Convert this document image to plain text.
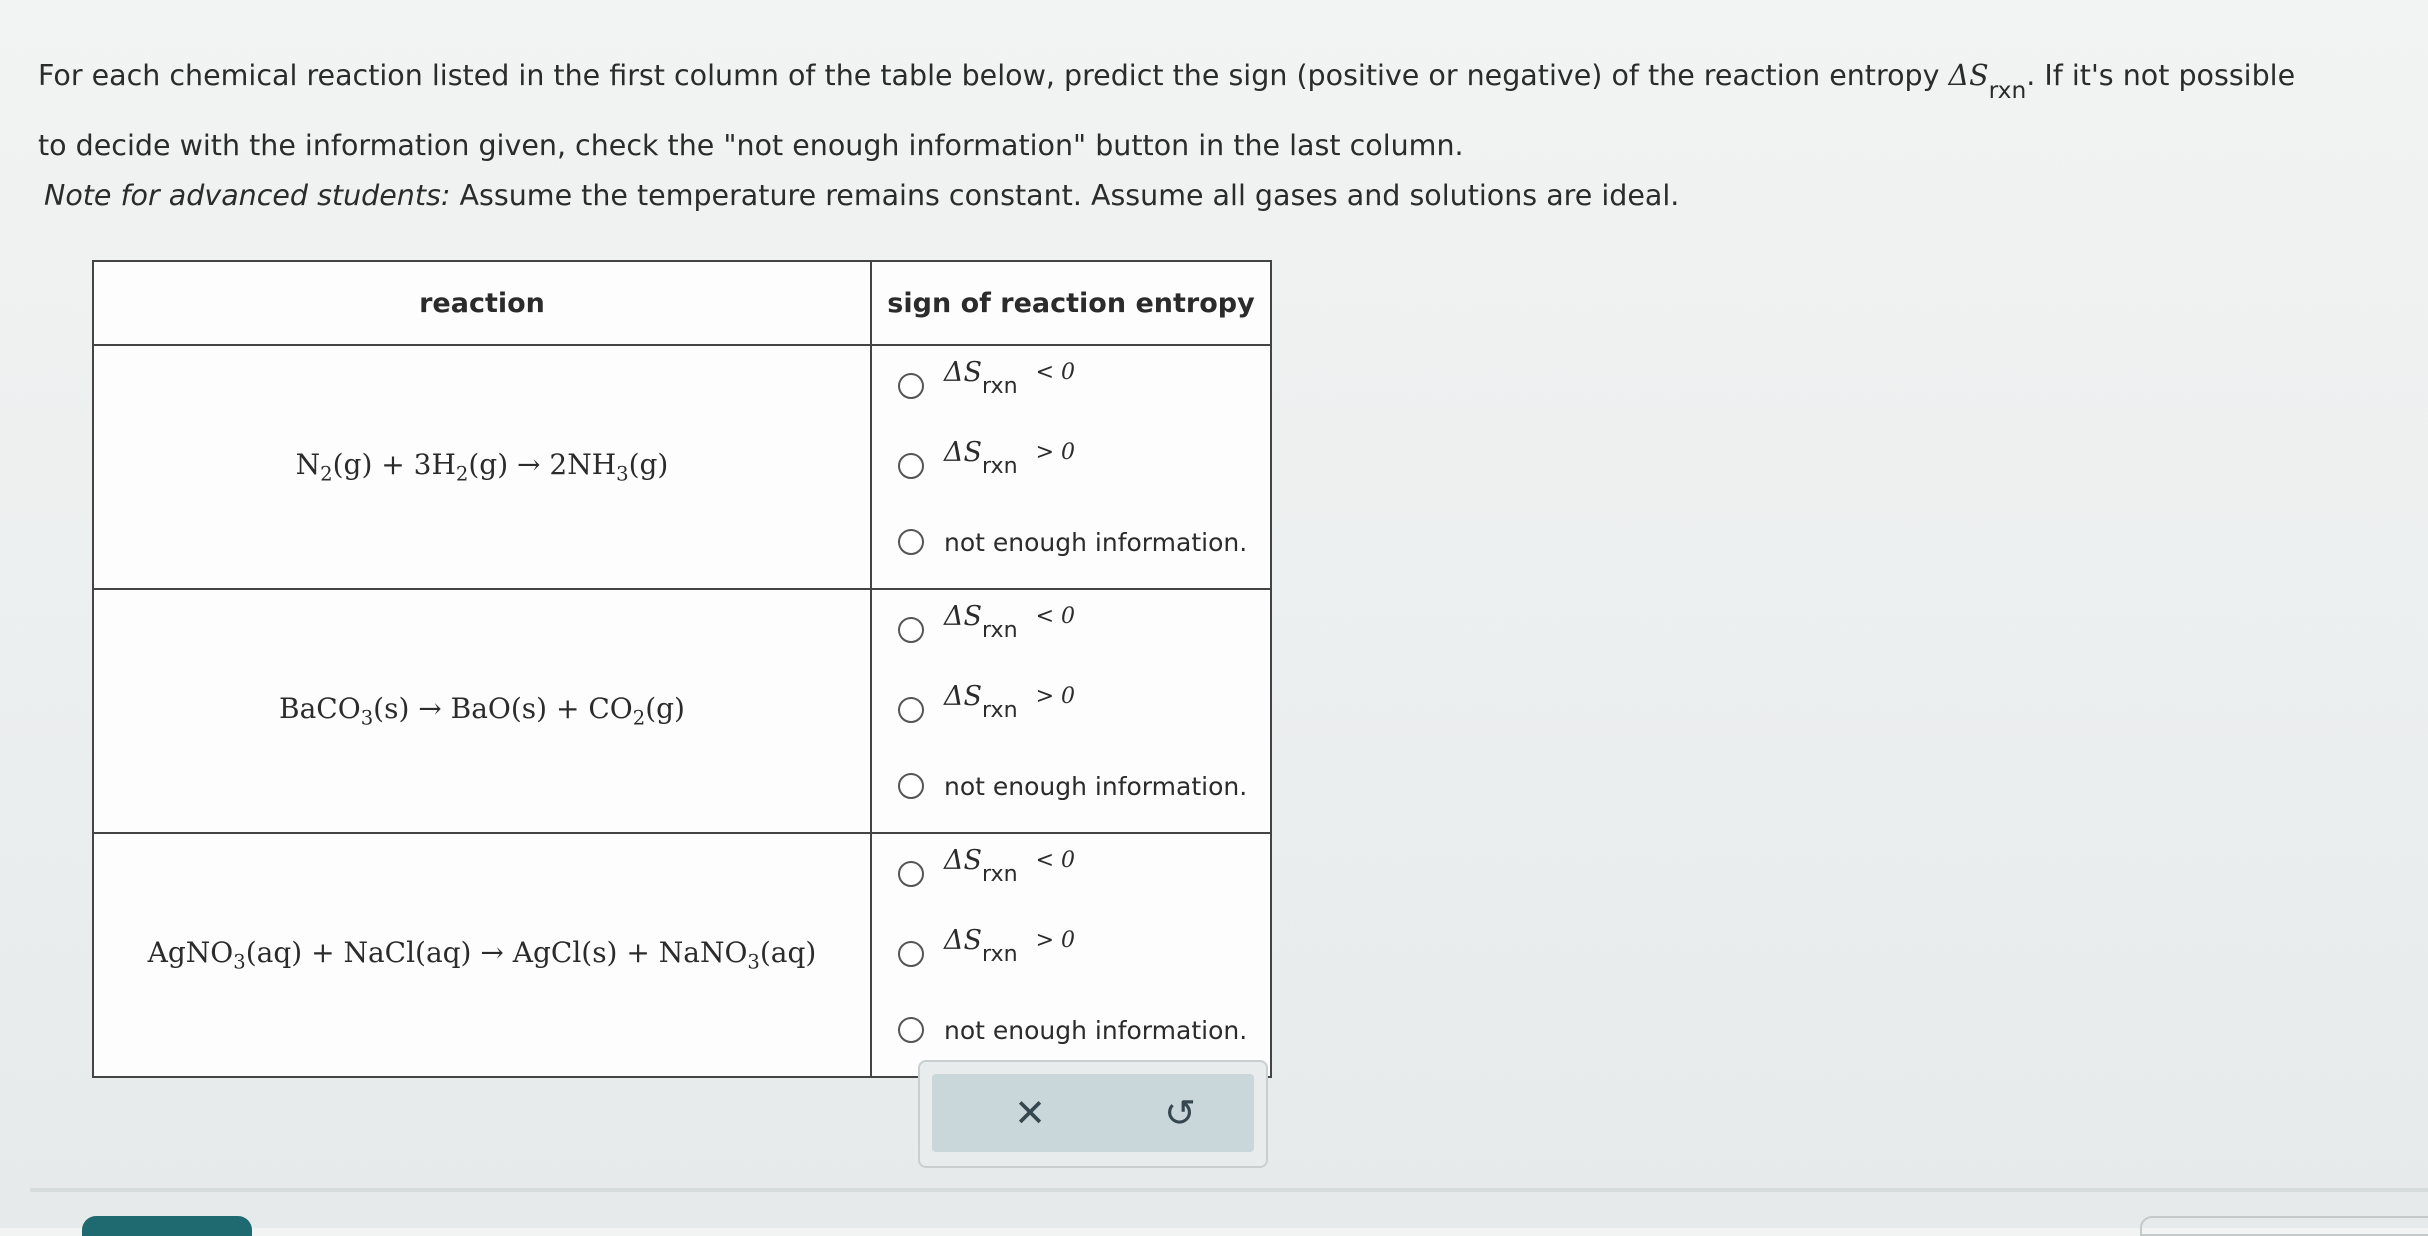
For each chemical reaction listed in the first column of the table below, predict the sign (positive or negative) of the reaction entropy $\Delta S_{rxn}$. If it's not possible

to decide with the information given, check the "not enough information" button in the last column.

Note for advanced students: Assume the temperature remains constant. Assume all gases and solutions are ideal.
reaction	sign of reaction entropy
$N_2(g) + 3H_2(g) \to 2NH_3(g)$	$\Delta S_{rxn}< 0$
$\Delta S_{rxn}> 0$
not enough information.

BaCO$_3$(s) → $BaO(s) + CO_2(g)$	$\Delta S_{rxn}< 0$
$\Delta S_{rxn}> 0$
not enough information.

AgNO$_3$(aq) + NaCl(aq) → AgCl(s) + NaNO$_3$(aq)	$\Delta S_{rxn}< 0$
$\Delta S_{rxn}> 0$
not enough information.
✕	↺
